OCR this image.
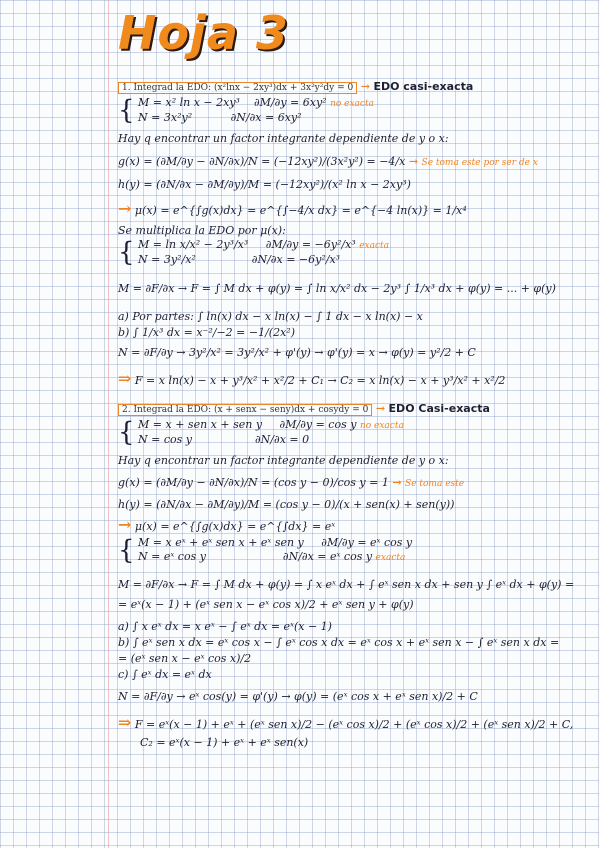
Hoja 3
1. Integrad la EDO: (x²lnx − 2xy³)dx + 3x²y²dy = 0 → EDO casi-exacta
{ M = x² ln x − 2xy³ ∂M/∂y = 6xy² no exacta
N = 3x²y²	∂N/∂x = 6xy²
Hay q encontrar un factor integrante dependiente de y o x:
g(x) = (∂M/∂y − ∂N/∂x)/N = (−12xy²)/(3x²y²) = −4/x → Se toma este por ser de x
h(y) = (∂N/∂x − ∂M/∂y)/M = (−12xy²)/(x² ln x − 2xy³)
→ μ(x) = e^{∫g(x)dx} = e^{∫−4/x dx} = e^{−4 ln(x)} = 1/x⁴
Se multiplica la EDO por μ(x):
{ M = ln x/x² − 2y³/x³ ∂M/∂y = −6y²/x³ exacta
N = 3y²/x²	∂N/∂x = −6y²/x³
M = ∂F/∂x → F = ∫ M dx + φ(y) = ∫ ln x/x² dx − 2y³ ∫ 1/x³ dx + φ(y) = ... + φ(y)
a) Por partes: ∫ ln(x) dx − x ln(x) − ∫ 1 dx − x ln(x) − x
b) ∫ 1/x³ dx = x⁻²/−2 = −1/(2x²)
N = ∂F/∂y → 3y²/x² = 3y²/x² + φ'(y) → φ'(y) = x → φ(y) = y²/2 + C
⇒ F = x ln(x) − x + y³/x² + x²/2 + C₁ → C₂ = x ln(x) − x + y³/x² + x²/2
2. Integrad la EDO: (x + senx − seny)dx + cosydy = 0 → EDO Casi-exacta
{ M = x + sen x + sen y ∂M/∂y = cos y no exacta
N = cos y	∂N/∂x = 0
Hay q encontrar un factor integrante dependiente de y o x:
g(x) = (∂M/∂y − ∂N/∂x)/N = (cos y − 0)/cos y = 1 → Se toma este
h(y) = (∂N/∂x − ∂M/∂y)/M = (cos y − 0)/(x + sen(x) + sen(y))
→ μ(x) = e^{∫g(x)dx} = e^{∫dx} = eˣ
{ M = x eˣ + eˣ sen x + eˣ sen y ∂M/∂y = eˣ cos y
N = eˣ cos y	∂N/∂x = eˣ cos y exacta
M = ∂F/∂x → F = ∫ M dx + φ(y) = ∫ x eˣ dx + ∫ eˣ sen x dx + sen y ∫ eˣ dx + φ(y) =
= eˣ(x − 1) + (eˣ sen x − eˣ cos x)/2 + eˣ sen y + φ(y)
a) ∫ x eˣ dx = x eˣ − ∫ eˣ dx = eˣ(x − 1)
b) ∫ eˣ sen x dx = eˣ cos x − ∫ eˣ cos x dx = eˣ cos x + eˣ sen x − ∫ eˣ sen x dx =
= (eˣ sen x − eˣ cos x)/2
c) ∫ eˣ dx = eˣ dx
N = ∂F/∂y → eˣ cos(y) = φ'(y) → φ(y) = (eˣ cos x + eˣ sen x)/2 + C
⇒ F = eˣ(x − 1) + eˣ + (eˣ sen x)/2 − (eˣ cos x)/2 + (eˣ cos x)/2 + (eˣ sen x)/2 + C,
C₂ = eˣ(x − 1) + eˣ + eˣ sen(x)
